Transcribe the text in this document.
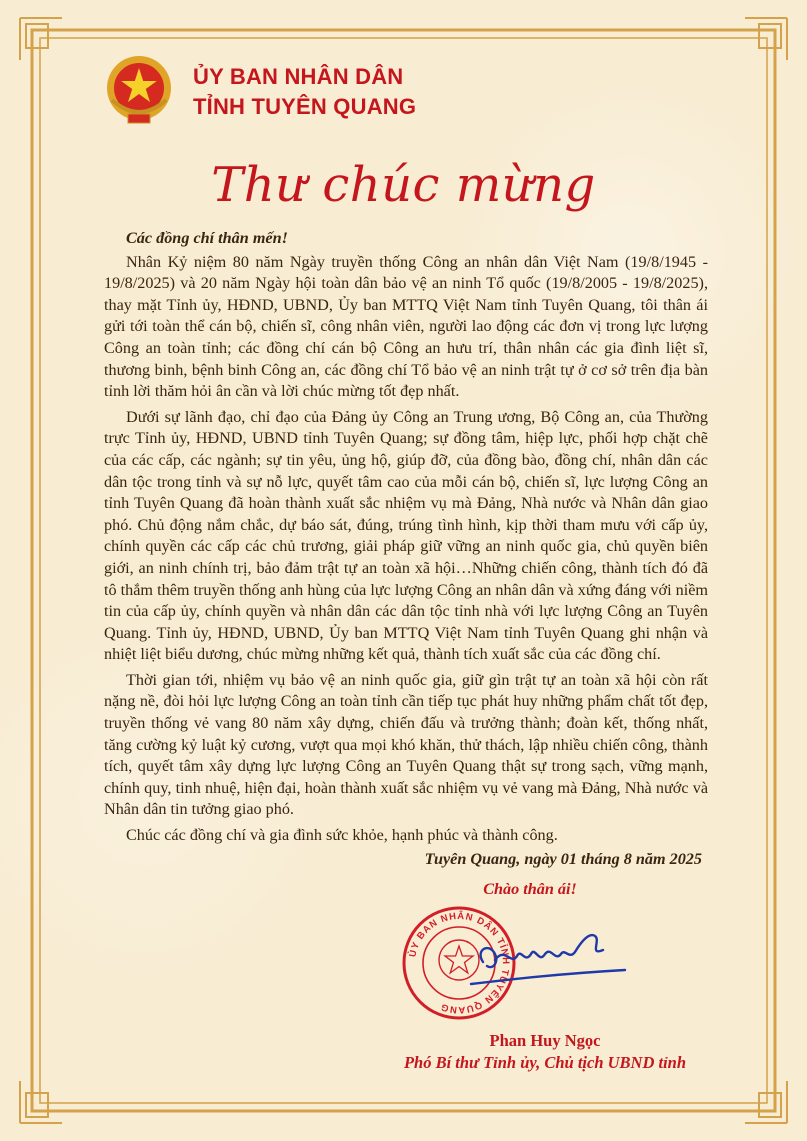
ỦY BAN NHÂN DÂN
TỈNH TUYÊN QUANG
Thư chúc mừng
Các đồng chí thân mến!

Nhân Kỷ niệm 80 năm Ngày truyền thống Công an nhân dân Việt Nam (19/8/1945 - 19/8/2025) và 20 năm Ngày hội toàn dân bảo vệ an ninh Tổ quốc (19/8/2005 - 19/8/2025), thay mặt Tỉnh ủy, HĐND, UBND, Ủy ban MTTQ Việt Nam tỉnh Tuyên Quang, tôi thân ái gửi tới toàn thể cán bộ, chiến sĩ, công nhân viên, người lao động các đơn vị trong lực lượng Công an toàn tỉnh; các đồng chí cán bộ Công an hưu trí, thân nhân các gia đình liệt sĩ, thương binh, bệnh binh Công an, các đồng chí Tổ bảo vệ an ninh trật tự ở cơ sở trên địa bàn tỉnh lời thăm hỏi ân cần và lời chúc mừng tốt đẹp nhất.

Dưới sự lãnh đạo, chỉ đạo của Đảng ủy Công an Trung ương, Bộ Công an, của Thường trực Tỉnh ủy, HĐND, UBND tỉnh Tuyên Quang; sự đồng tâm, hiệp lực, phối hợp chặt chẽ của các cấp, các ngành; sự tin yêu, ủng hộ, giúp đỡ, của đồng bào, đồng chí, nhân dân các dân tộc trong tỉnh và sự nỗ lực, quyết tâm cao của mỗi cán bộ, chiến sĩ, lực lượng Công an tỉnh Tuyên Quang đã hoàn thành xuất sắc nhiệm vụ mà Đảng, Nhà nước và Nhân dân giao phó. Chủ động nắm chắc, dự báo sát, đúng, trúng tình hình, kịp thời tham mưu với cấp ủy, chính quyền các cấp các chủ trương, giải pháp giữ vững an ninh quốc gia, chủ quyền biên giới, an ninh chính trị, bảo đảm trật tự an toàn xã hội…Những chiến công, thành tích đó đã tô thắm thêm truyền thống anh hùng của lực lượng Công an nhân dân và xứng đáng với niềm tin của cấp ủy, chính quyền và nhân dân các dân tộc tỉnh nhà với lực lượng Công an Tuyên Quang. Tỉnh ủy, HĐND, UBND, Ủy ban MTTQ Việt Nam tỉnh Tuyên Quang ghi nhận và nhiệt liệt biểu dương, chúc mừng những kết quả, thành tích xuất sắc của các đồng chí.

Thời gian tới, nhiệm vụ bảo vệ an ninh quốc gia, giữ gìn trật tự an toàn xã hội còn rất nặng nề, đòi hỏi lực lượng Công an toàn tỉnh cần tiếp tục phát huy những phẩm chất tốt đẹp, truyền thống vẻ vang 80 năm xây dựng, chiến đấu và trưởng thành; đoàn kết, thống nhất, tăng cường kỷ luật kỷ cương, vượt qua mọi khó khăn, thử thách, lập nhiều chiến công, thành tích, quyết tâm xây dựng lực lượng Công an Tuyên Quang thật sự trong sạch, vững mạnh, chính quy, tinh nhuệ, hiện đại, hoàn thành xuất sắc nhiệm vụ vẻ vang mà Đảng, Nhà nước và Nhân dân tin tưởng giao phó.

Chúc các đồng chí và gia đình sức khỏe, hạnh phúc và thành công.

Tuyên Quang, ngày 01 tháng 8 năm 2025
Chào thân ái!
ỦY BAN NHÂN DÂN TỈNH TUYÊN QUANG
Phan Huy Ngọc
Phó Bí thư Tỉnh ủy, Chủ tịch UBND tỉnh
